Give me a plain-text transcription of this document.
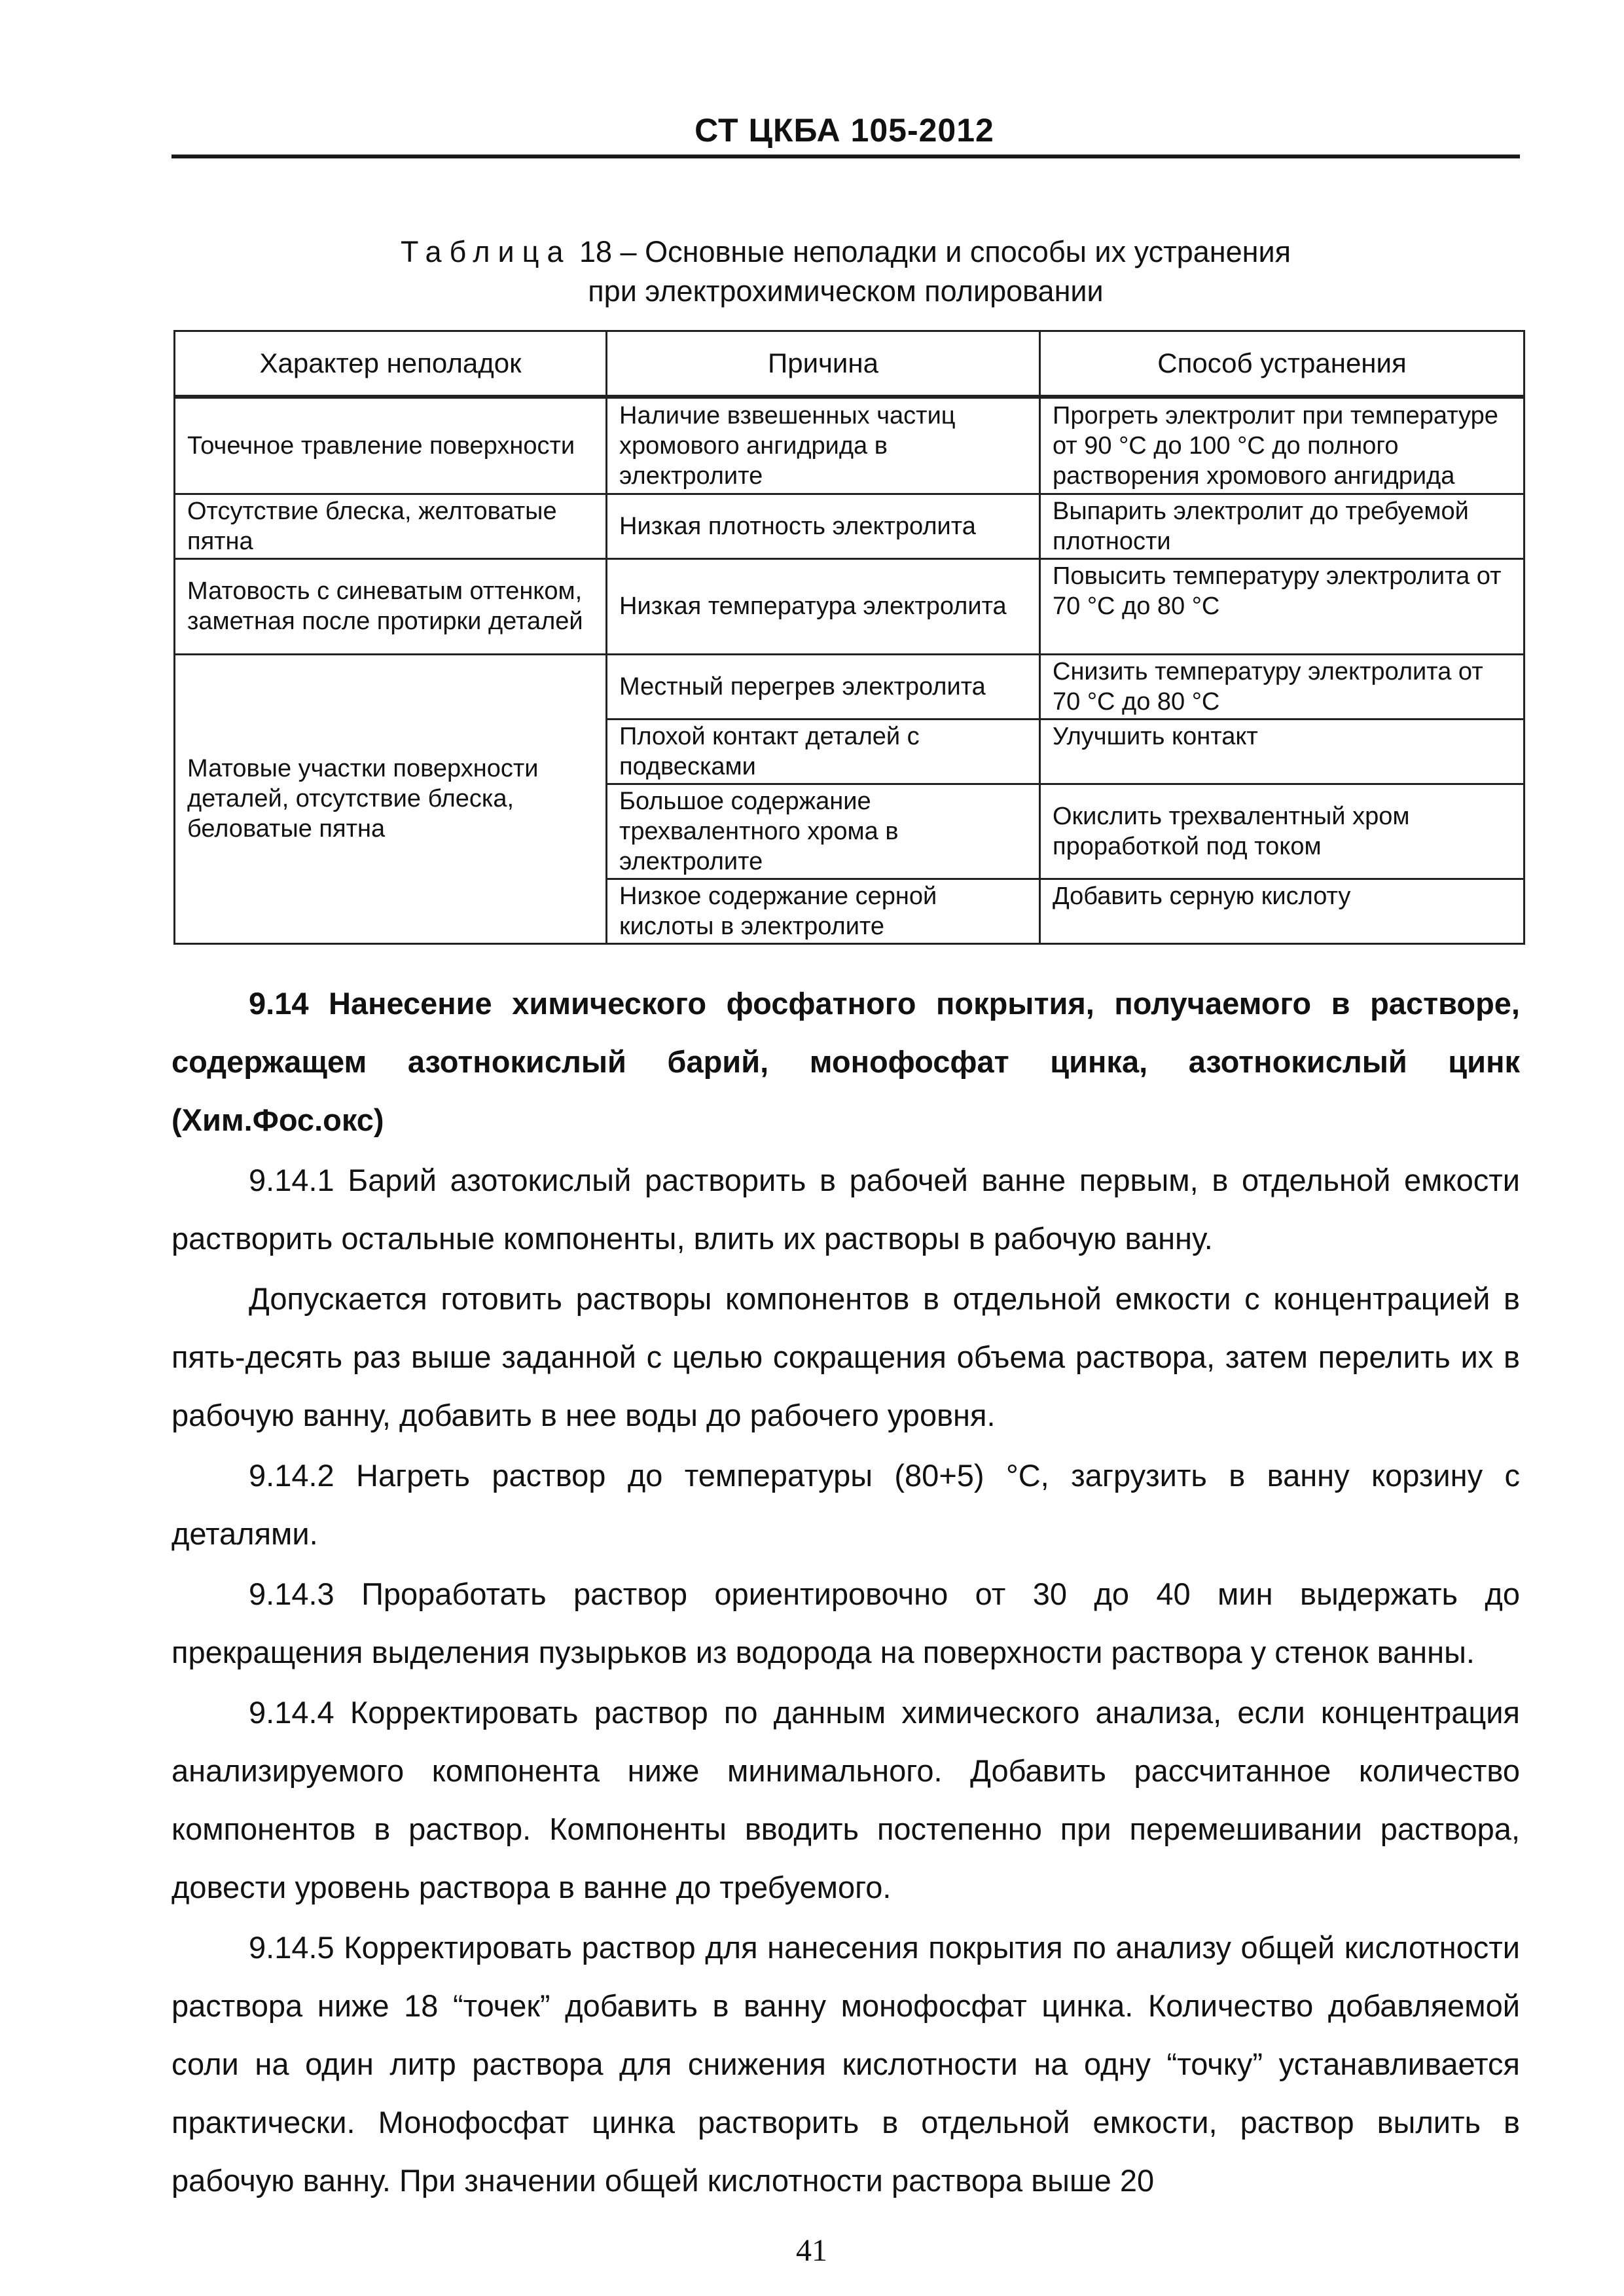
СТ ЦКБА 105-2012
Таблица 18 – Основные неполадки и способы их устранения
при электрохимическом полировании
Характер неполадок	Причина	Способ устранения
Точечное травление поверхности	Наличие взвешенных частиц хромового ангидрида в электролите	Прогреть электролит при температуре от 90 °С до 100 °С до полного растворения хромового ангидрида
Отсутствие блеска, желтоватые пятна	Низкая плотность электролита	Выпарить электролит до требуемой плотности
Матовость с синеватым оттенком, заметная после протирки деталей	Низкая температура электролита	Повысить температуру электролита от 70 °С до 80 °С
Матовые участки поверхности деталей, отсутствие блеска, беловатые пятна	Местный перегрев электролита	Снизить температуру электролита от 70 °С до 80 °С
	Плохой контакт деталей с подвесками	Улучшить контакт
	Большое содержание трехвалентного хрома в электролите	Окислить трехвалентный хром проработкой под током
	Низкое содержание серной кислоты в электролите	Добавить серную кислоту

9.14 Нанесение химического фосфатного покрытия, получаемого в растворе, содержащем азотнокислый барий, монофосфат цинка, азотнокислый цинк (Хим.Фос.окс)

9.14.1 Барий азотокислый растворить в рабочей ванне первым, в отдельной емкости растворить остальные компоненты, влить их растворы в рабочую ванну.

Допускается готовить растворы компонентов в отдельной емкости с концентрацией в пять-десять раз выше заданной с целью сокращения объема раствора, затем перелить их в рабочую ванну, добавить в нее воды до рабочего уровня.

9.14.2 Нагреть раствор до температуры (80+5) °С, загрузить в ванну корзину с деталями.

9.14.3 Проработать раствор ориентировочно от 30 до 40 мин выдержать до прекращения выделения пузырьков из водорода на поверхности раствора у стенок ванны.

9.14.4 Корректировать раствор по данным химического анализа, если концентрация анализируемого компонента ниже минимального. Добавить рассчитанное количество компонентов в раствор. Компоненты вводить постепенно при перемешивании раствора, довести уровень раствора в ванне до требуемого.

9.14.5 Корректировать раствор для нанесения покрытия по анализу общей кислотности раствора ниже 18 “точек” добавить в ванну монофосфат цинка. Количество добавляемой соли на один литр раствора для снижения кислотности на одну “точку” устанавливается практически. Монофосфат цинка растворить в отдельной емкости, раствор вылить в рабочую ванну. При значении общей кислотности раствора выше 20

41
